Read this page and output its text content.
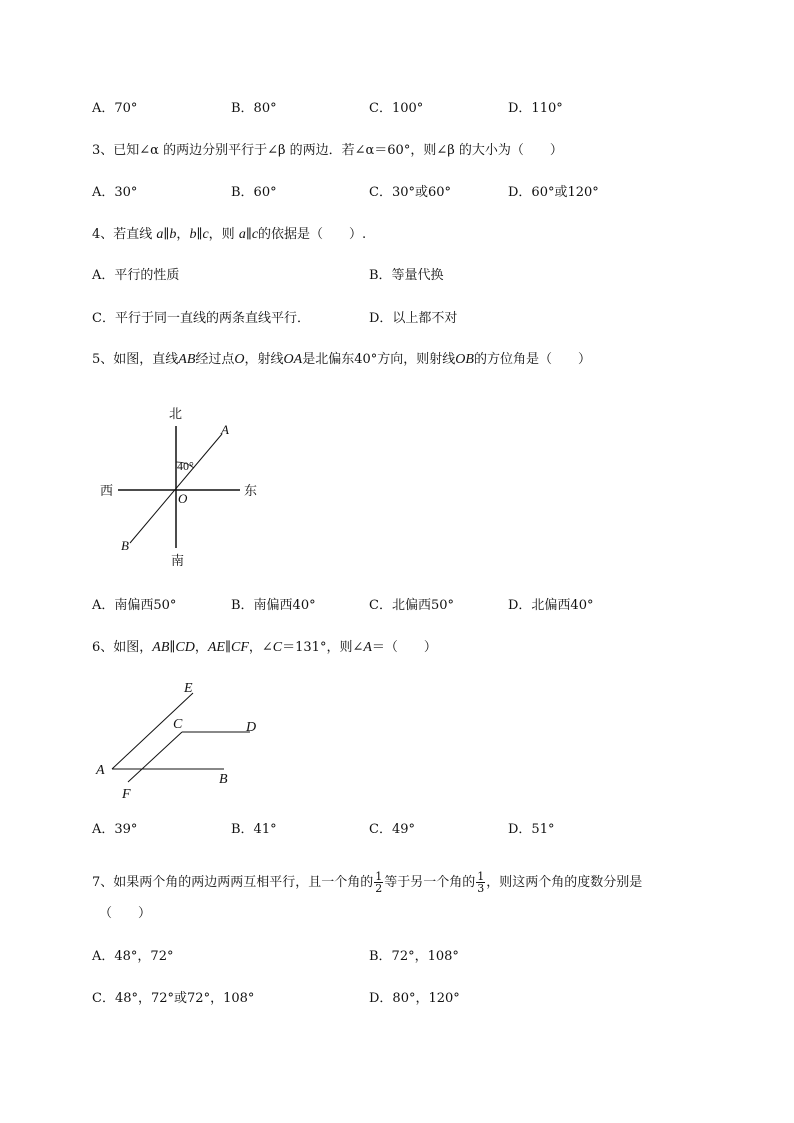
A．70°	B．80°	C．100°	D．110°
3、已知∠α 的两边分别平行于∠β 的两边．若∠α＝60°，则∠β 的大小为（　　）
A．30°	B．60°	C．30°或60°	D．60°或120°
4、若直线 a∥b，b∥c，则 a∥c的依据是（　　）.
A．平行的性质	B．等量代换
C．平行于同一直线的两条直线平行．	D．以上都不对
5、如图，直线AB经过点O，射线OA是北偏东40°方向，则射线OB的方位角是（　　）
北
南
东
西
A
B
O
40°
A．南偏西50°	B．南偏西40°	C．北偏西50°	D．北偏西40°
6、如图，AB∥CD，AE∥CF，∠C＝131°，则∠A＝（　　）
A
B
C	D
E
F
A．39°	B．41°	C．49°	D．51°
7、如果两个角的两边两两互相平行，且一个角的 $\frac{1}{2}$ 等于另一个角的 $\frac{1}{3}$ ，则这两个角的度数分别是
（　　）
A．48°，72°	B．72°，108°
C．48°，72°或72°，108°	D．80°，120°
